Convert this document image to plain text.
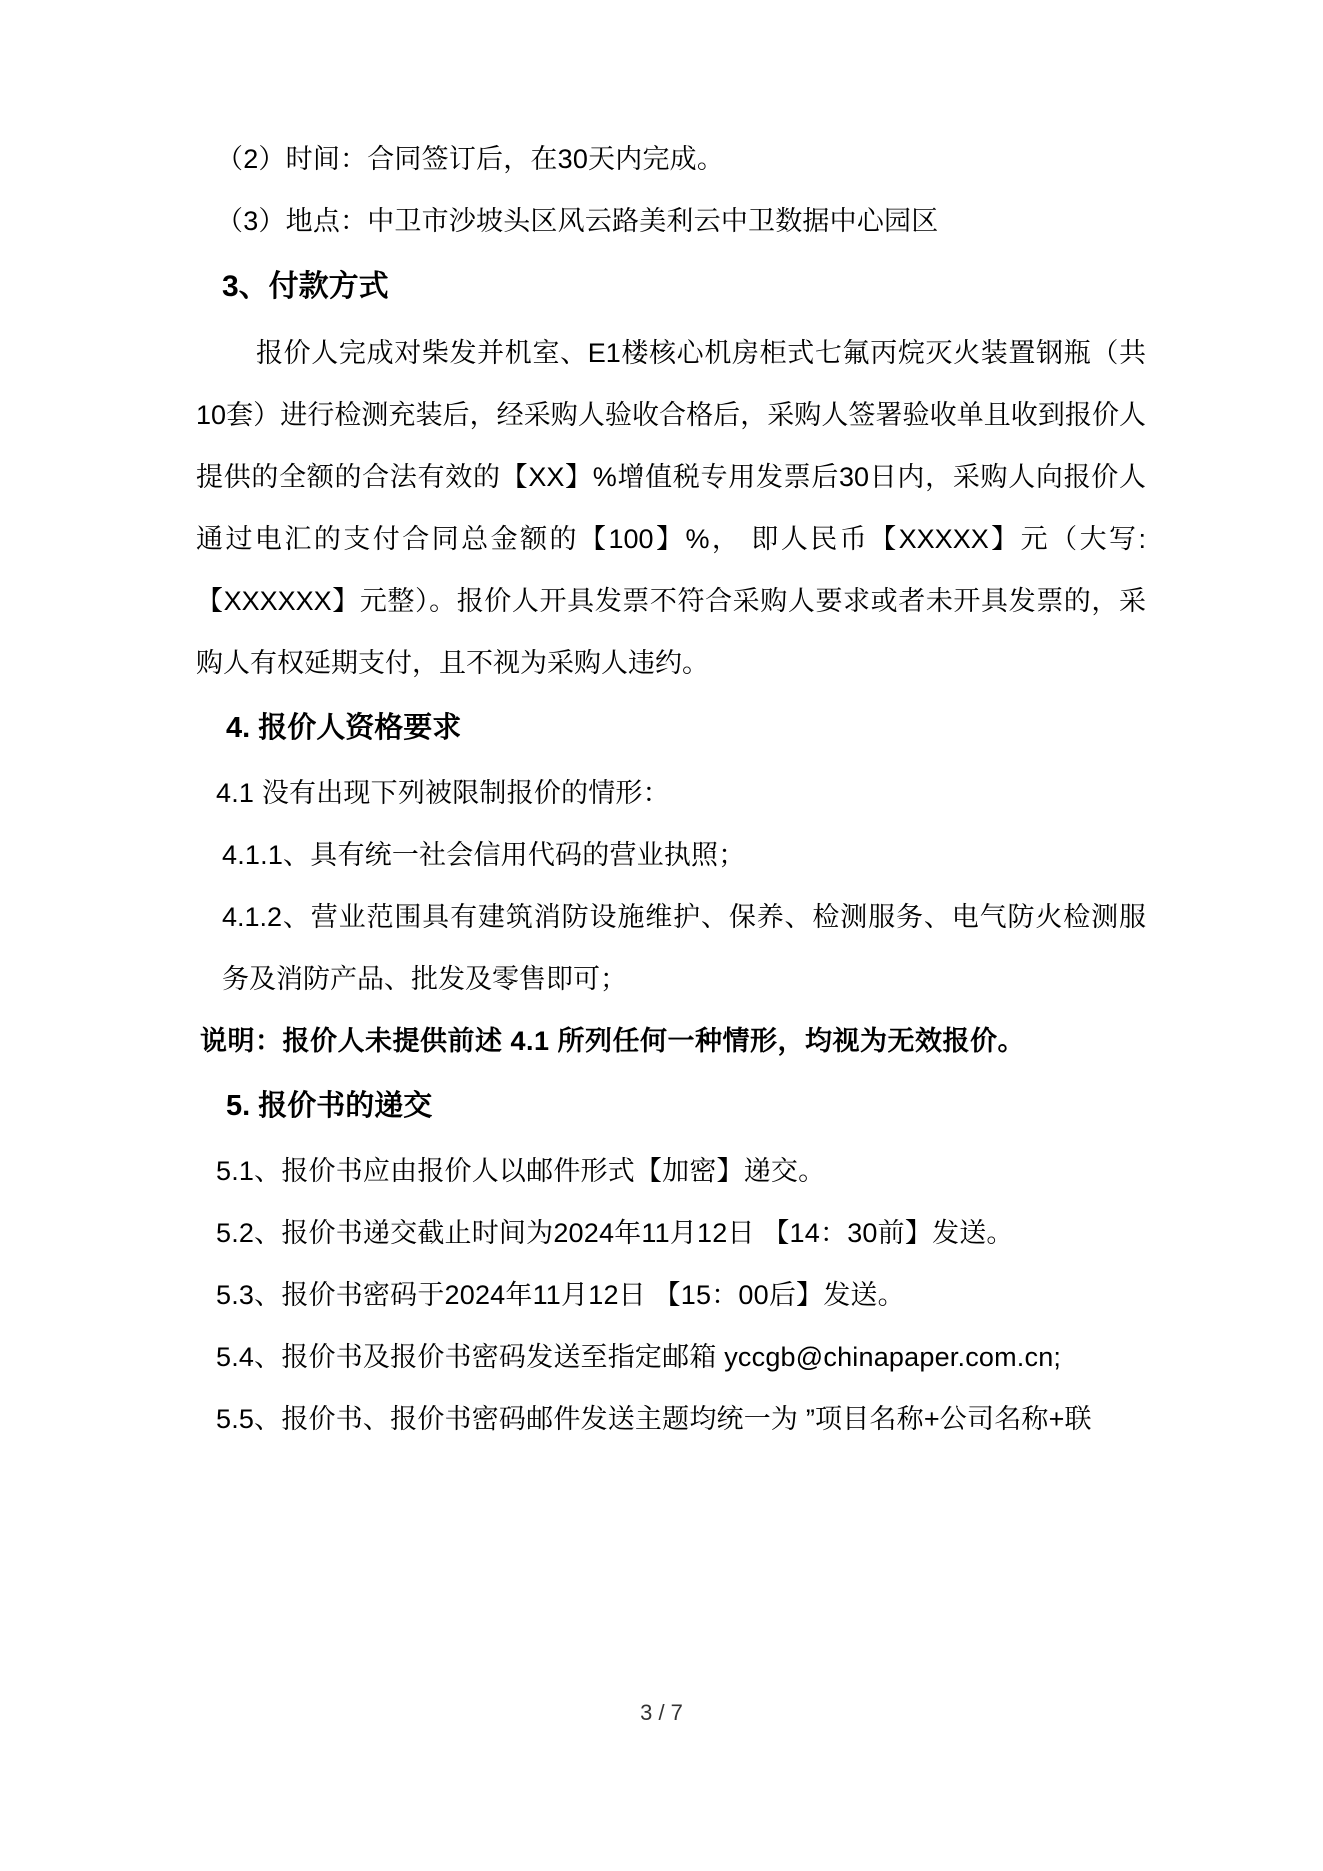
（2）时间：合同签订后，在30天内完成。
（3）地点：中卫市沙坡头区风云路美利云中卫数据中心园区
3、付款方式
报价人完成对柴发并机室、E1楼核心机房柜式七氟丙烷灭火装置钢瓶（共10套）进行检测充装后，经采购人验收合格后，采购人签署验收单且收到报价人提供的全额的合法有效的【XX】%增值税专用发票后30日内，采购人向报价人通过电汇的支付合同总金额的【100】%， 即人民币【XXXXX】元（大写:【XXXXXX】元整）。报价人开具发票不符合采购人要求或者未开具发票的，采购人有权延期支付，且不视为采购人违约。
4. 报价人资格要求
4.1 没有出现下列被限制报价的情形：
4.1.1、具有统一社会信用代码的营业执照；
4.1.2、营业范围具有建筑消防设施维护、保养、检测服务、电气防火检测服务及消防产品、批发及零售即可；
说明：报价人未提供前述 4.1 所列任何一种情形，均视为无效报价。
5. 报价书的递交
5.1、报价书应由报价人以邮件形式【加密】递交。
5.2、报价书递交截止时间为2024年11月12日 【14：30前】发送。
5.3、报价书密码于2024年11月12日 【15：00后】发送。
5.4、报价书及报价书密码发送至指定邮箱 yccgb@chinapaper.com.cn;
5.5、报价书、报价书密码邮件发送主题均统一为 ”项目名称+公司名称+联
3 / 7
